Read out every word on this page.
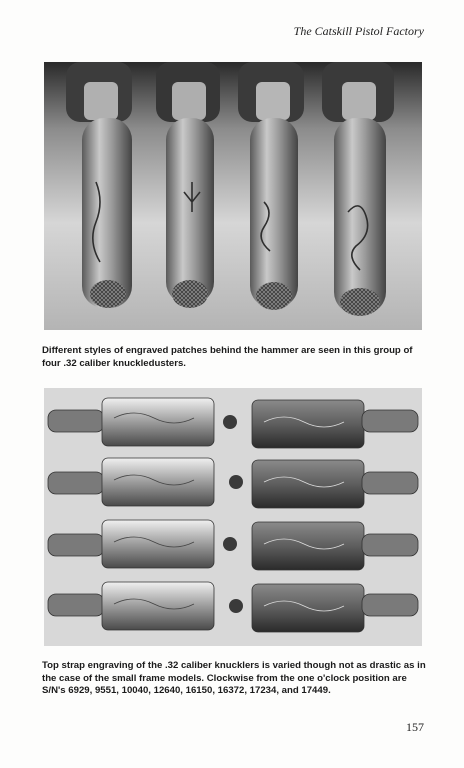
The Catskill Pistol Factory
Different styles of engraved patches behind the hammer are seen in this group of four .32 caliber knuckledusters.
Top strap engraving of the .32 caliber knucklers is varied though not as drastic as in the case of the small frame models. Clockwise from the one o'clock position are S/N's 6929, 9551, 10040, 12640, 16150, 16372, 17234, and 17449.
157
